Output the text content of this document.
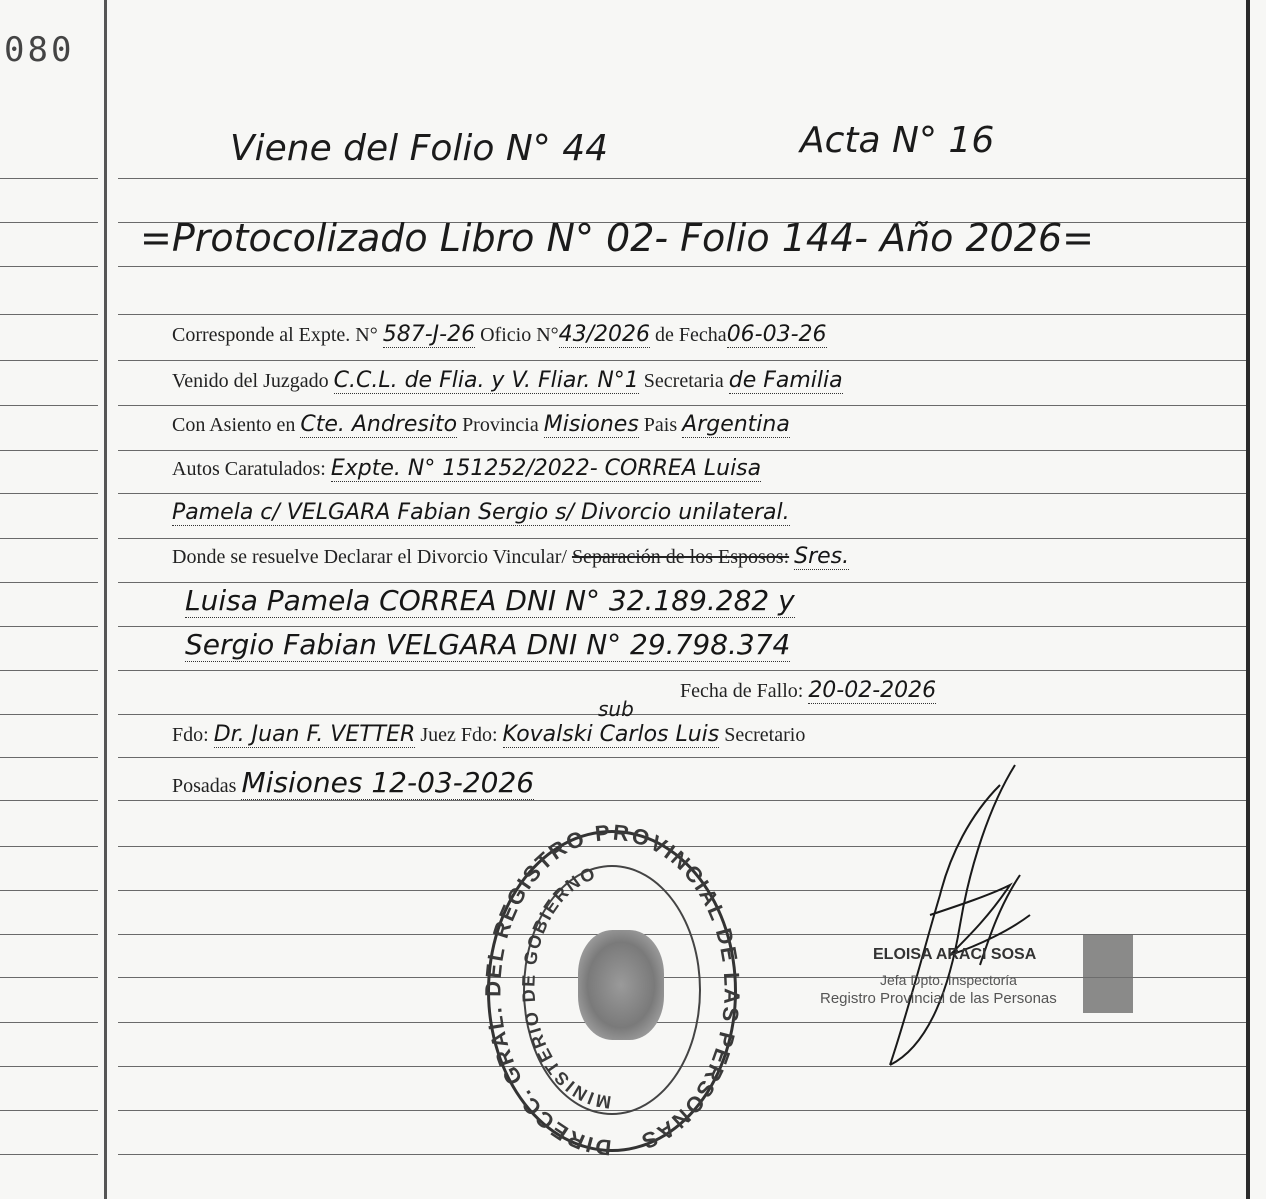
080
Viene del Folio N° 44	Acta N° 16
=Protocolizado Libro N° 02- Folio 144- Año 2026=
Corresponde al Expte. N° 587-J-26 Oficio N°43/2026 de Fecha06-03-26
Venido del Juzgado C.C.L. de Flia. y V. Fliar. N°1 Secretaria de Familia
Con Asiento en Cte. Andresito Provincia Misiones Pais Argentina
Autos Caratulados: Expte. N° 151252/2022- CORREA Luisa
Pamela c/ VELGARA Fabian Sergio s/ Divorcio unilateral.
Donde se resuelve Declarar el Divorcio Vincular/ Separación de los Esposos: Sres.
Luisa Pamela CORREA DNI N° 32.189.282 y
Sergio Fabian VELGARA DNI N° 29.798.374
Fecha de Fallo: 20-02-2026
Fdo: Dr. Juan F. VETTER Juez Fdo: Kovalski Carlos Luis Secretario
sub
Posadas Misiones 12-03-2026
DIRECC. GRAL. DEL REGISTRO PROVINCIAL DE LAS PERSONAS
MINISTERIO DE GOBIERNO
ELOISA ARACI SOSA
Jefa Dpto. Inspectoría
Registro Provincial de las Personas
